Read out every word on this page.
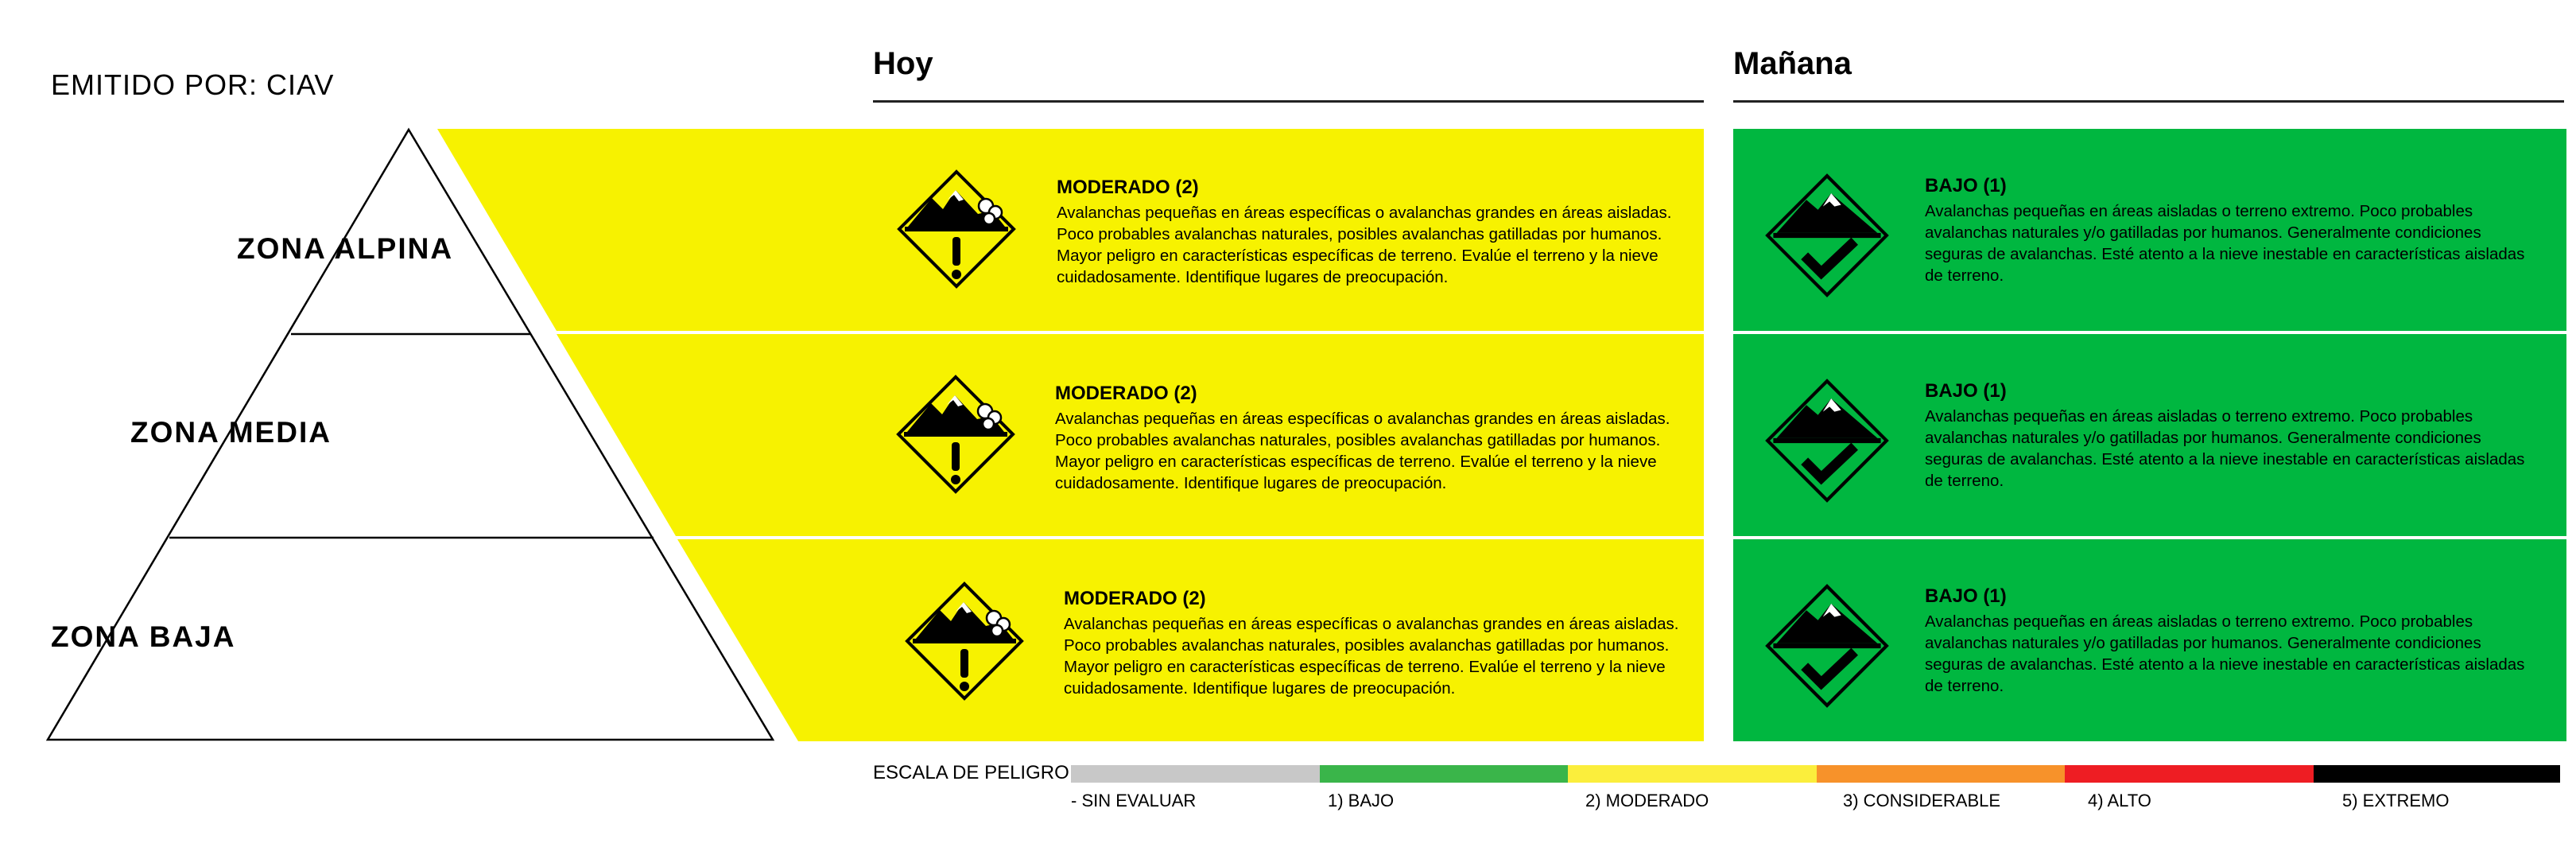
EMITIDO POR: CIAV
ZONA ALPINA
ZONA MEDIA
ZONA BAJA
Hoy	Mañana

MODERADO (2)

Avalanchas pequeñas en áreas específicas o avalanchas grandes en áreas aisladas. Poco probables avalanchas naturales, posibles avalanchas gatilladas por humanos. Mayor peligro en características específicas de terreno. Evalúe el terreno y la nieve cuidadosamente. Identifique lugares de preocupación.

MODERADO (2)

Avalanchas pequeñas en áreas específicas o avalanchas grandes en áreas aisladas. Poco probables avalanchas naturales, posibles avalanchas gatilladas por humanos. Mayor peligro en características específicas de terreno. Evalúe el terreno y la nieve cuidadosamente. Identifique lugares de preocupación.

MODERADO (2)

Avalanchas pequeñas en áreas específicas o avalanchas grandes en áreas aisladas. Poco probables avalanchas naturales, posibles avalanchas gatilladas por humanos. Mayor peligro en características específicas de terreno. Evalúe el terreno y la nieve cuidadosamente. Identifique lugares de preocupación.

BAJO (1)

Avalanchas pequeñas en áreas aisladas o terreno extremo. Poco probables avalanchas naturales y/o gatilladas por humanos. Generalmente condiciones seguras de avalanchas. Esté atento a la nieve inestable en características aisladas de terreno.

BAJO (1)

Avalanchas pequeñas en áreas aisladas o terreno extremo. Poco probables avalanchas naturales y/o gatilladas por humanos. Generalmente condiciones seguras de avalanchas. Esté atento a la nieve inestable en características aisladas de terreno.

BAJO (1)

Avalanchas pequeñas en áreas aisladas o terreno extremo. Poco probables avalanchas naturales y/o gatilladas por humanos. Generalmente condiciones seguras de avalanchas. Esté atento a la nieve inestable en características aisladas de terreno.

ESCALA DE PELIGRO
- SIN EVALUAR	1) BAJO	2) MODERADO	3) CONSIDERABLE	4) ALTO	5) EXTREMO
